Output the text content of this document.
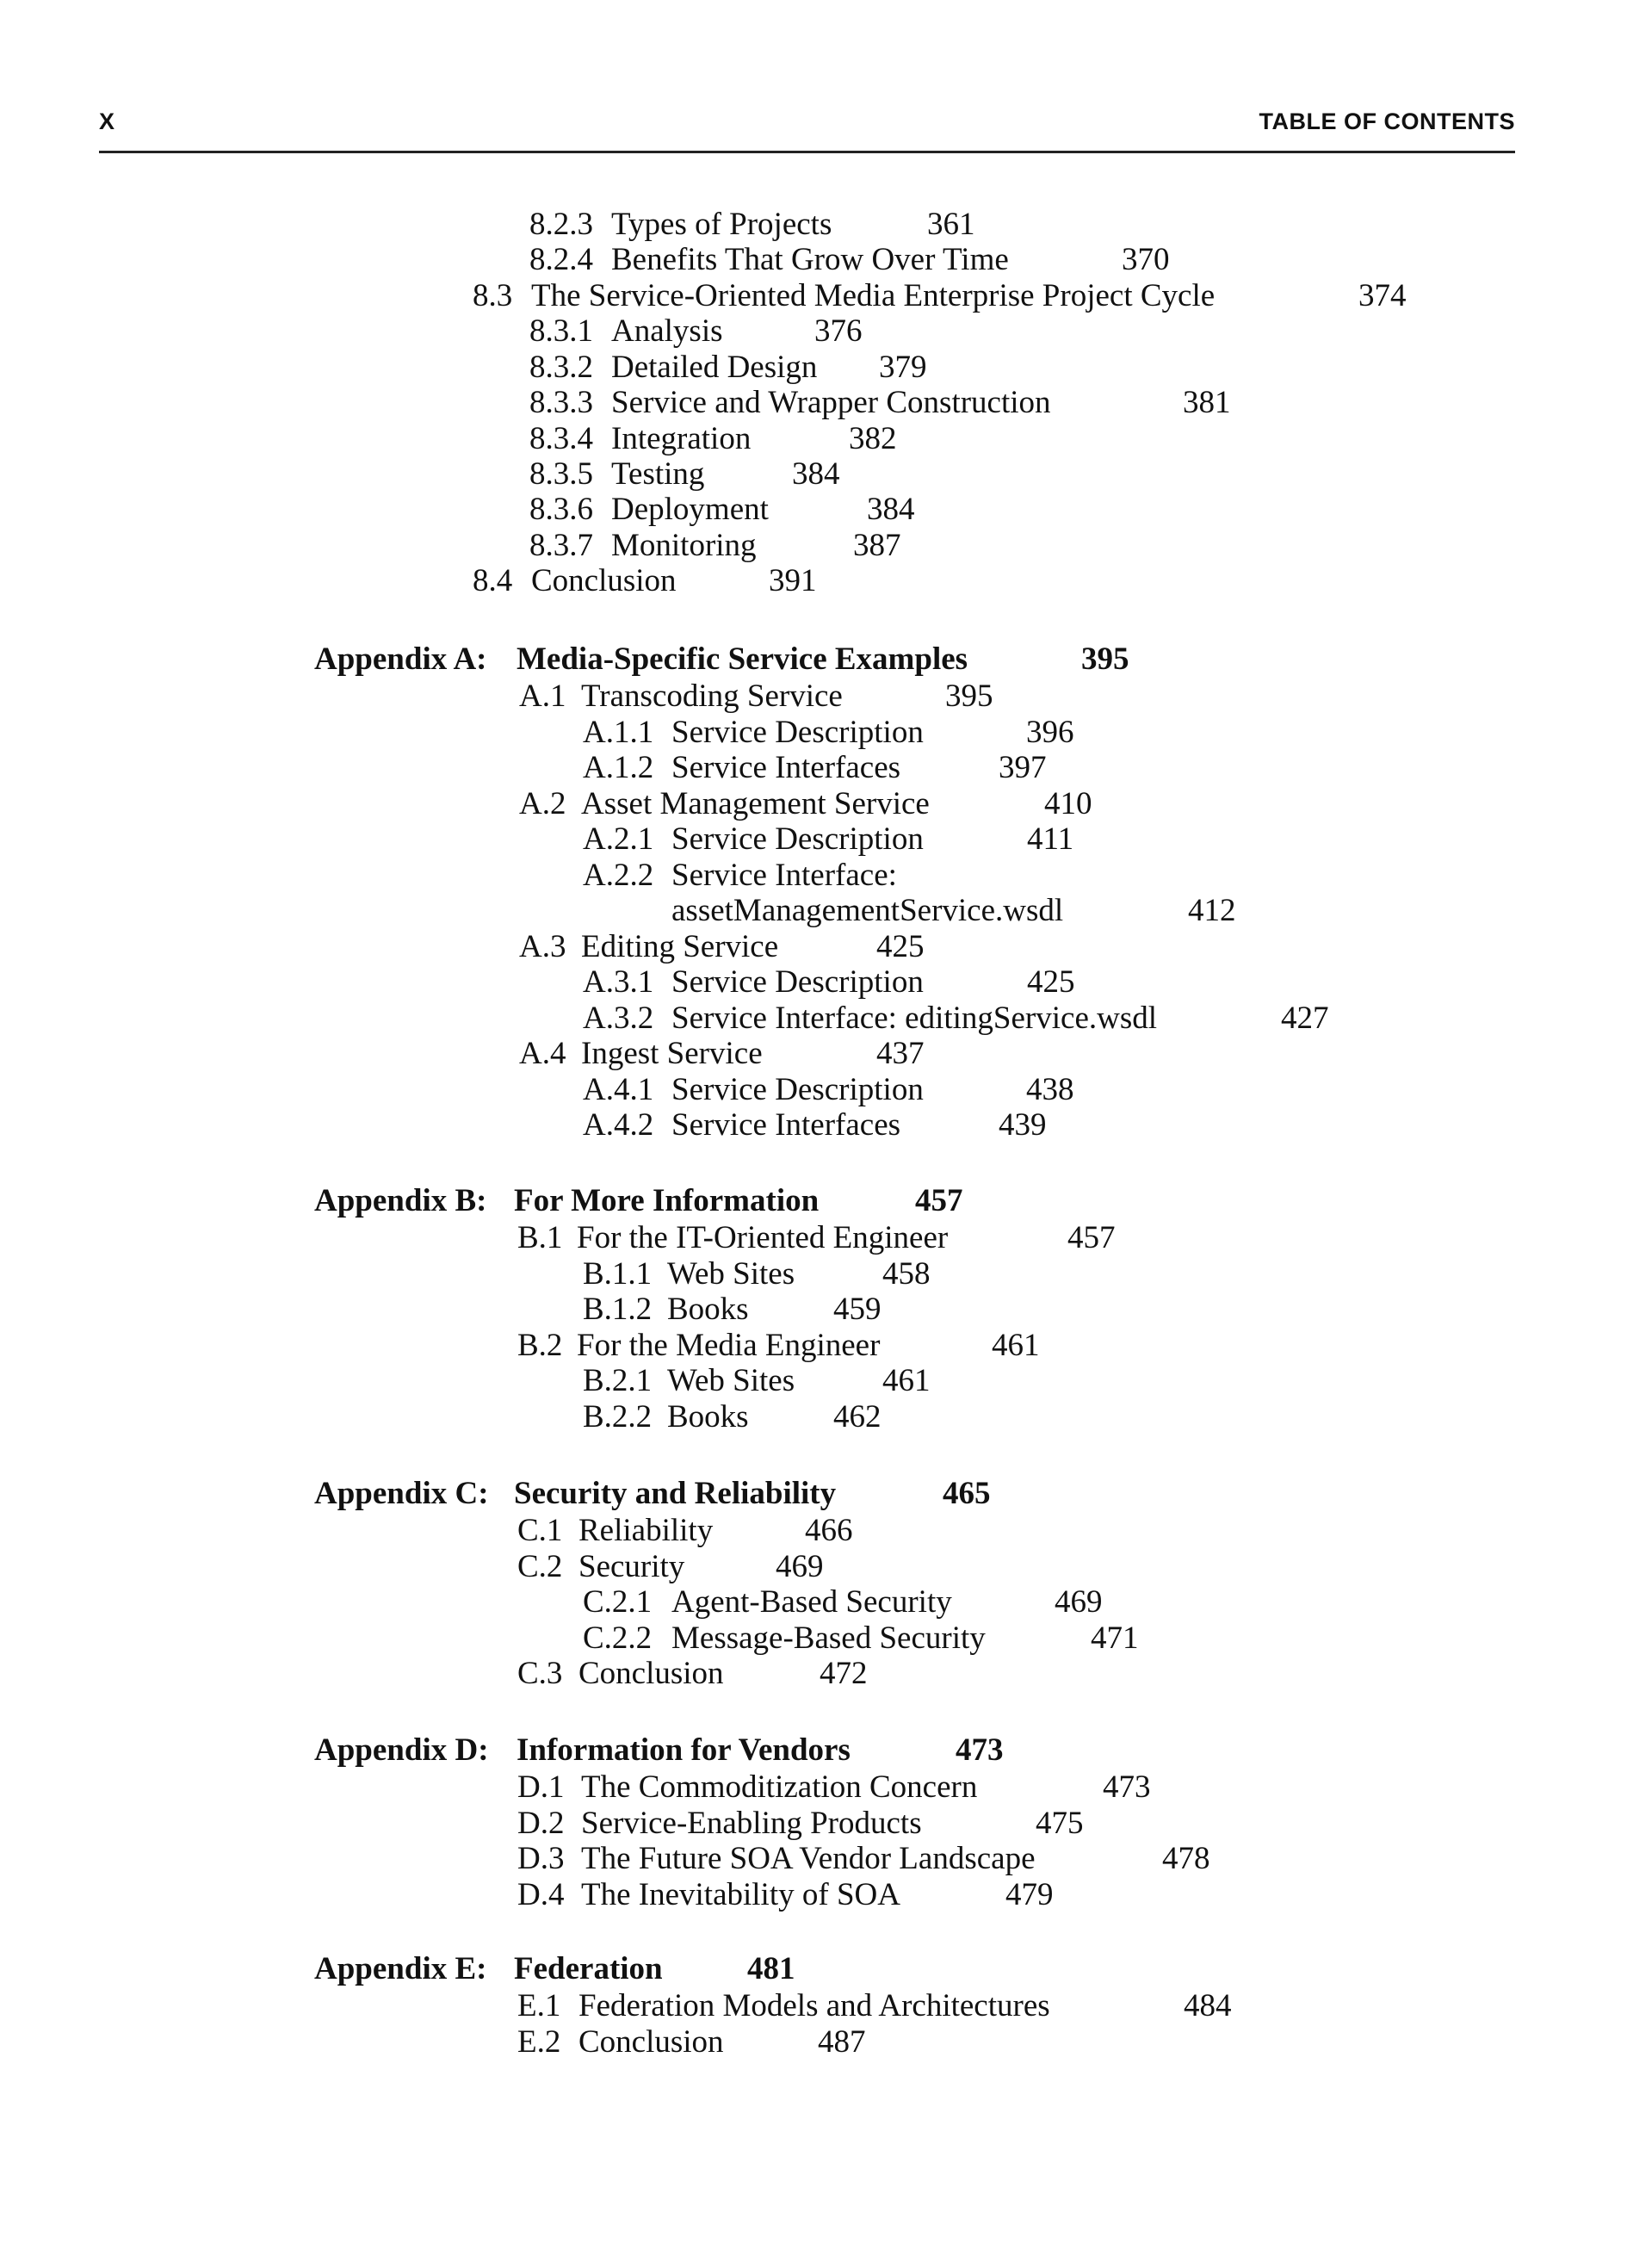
X	TABLE OF CONTENTS
8.2.3 Types of Projects	361
8.2.4 Benefits That Grow Over Time	370
8.3 The Service-Oriented Media Enterprise Project Cycle	374
8.3.1 Analysis	376
8.3.2 Detailed Design 379
8.3.3 Service and Wrapper Construction	381
8.3.4 Integration	382
8.3.5 Testing	384
8.3.6 Deployment	384
8.3.7 Monitoring	387
8.4 Conclusion	391
Appendix A: Media-Specific Service Examples	395
A.1 Transcoding Service	395
A.1.1 Service Description	396
A.1.2 Service Interfaces	397
A.2 Asset Management Service	410
A.2.1 Service Description	411
A.2.2 Service Interface:
assetManagementService.wsdl	412
A.3 Editing Service	425
A.3.1 Service Description	425
A.3.2 Service Interface: editingService.wsdl	427
A.4 Ingest Service	437
A.4.1 Service Description	438
A.4.2 Service Interfaces	439
Appendix B: For More Information	457
B.1 For the IT-Oriented Engineer	457
B.1.1 Web Sites	458
B.1.2 Books	459
B.2 For the Media Engineer	461
B.2.1 Web Sites	461
B.2.2 Books	462
Appendix C: Security and Reliability	465
C.1 Reliability	466
C.2 Security	469
C.2.1 Agent-Based Security	469
C.2.2 Message-Based Security	471
C.3 Conclusion	472
Appendix D: Information for Vendors	473
D.1 The Commoditization Concern	473
D.2 Service-Enabling Products	475
D.3 The Future SOA Vendor Landscape	478
D.4 The Inevitability of SOA	479
Appendix E: Federation	481
E.1 Federation Models and Architectures	484
E.2 Conclusion	487
